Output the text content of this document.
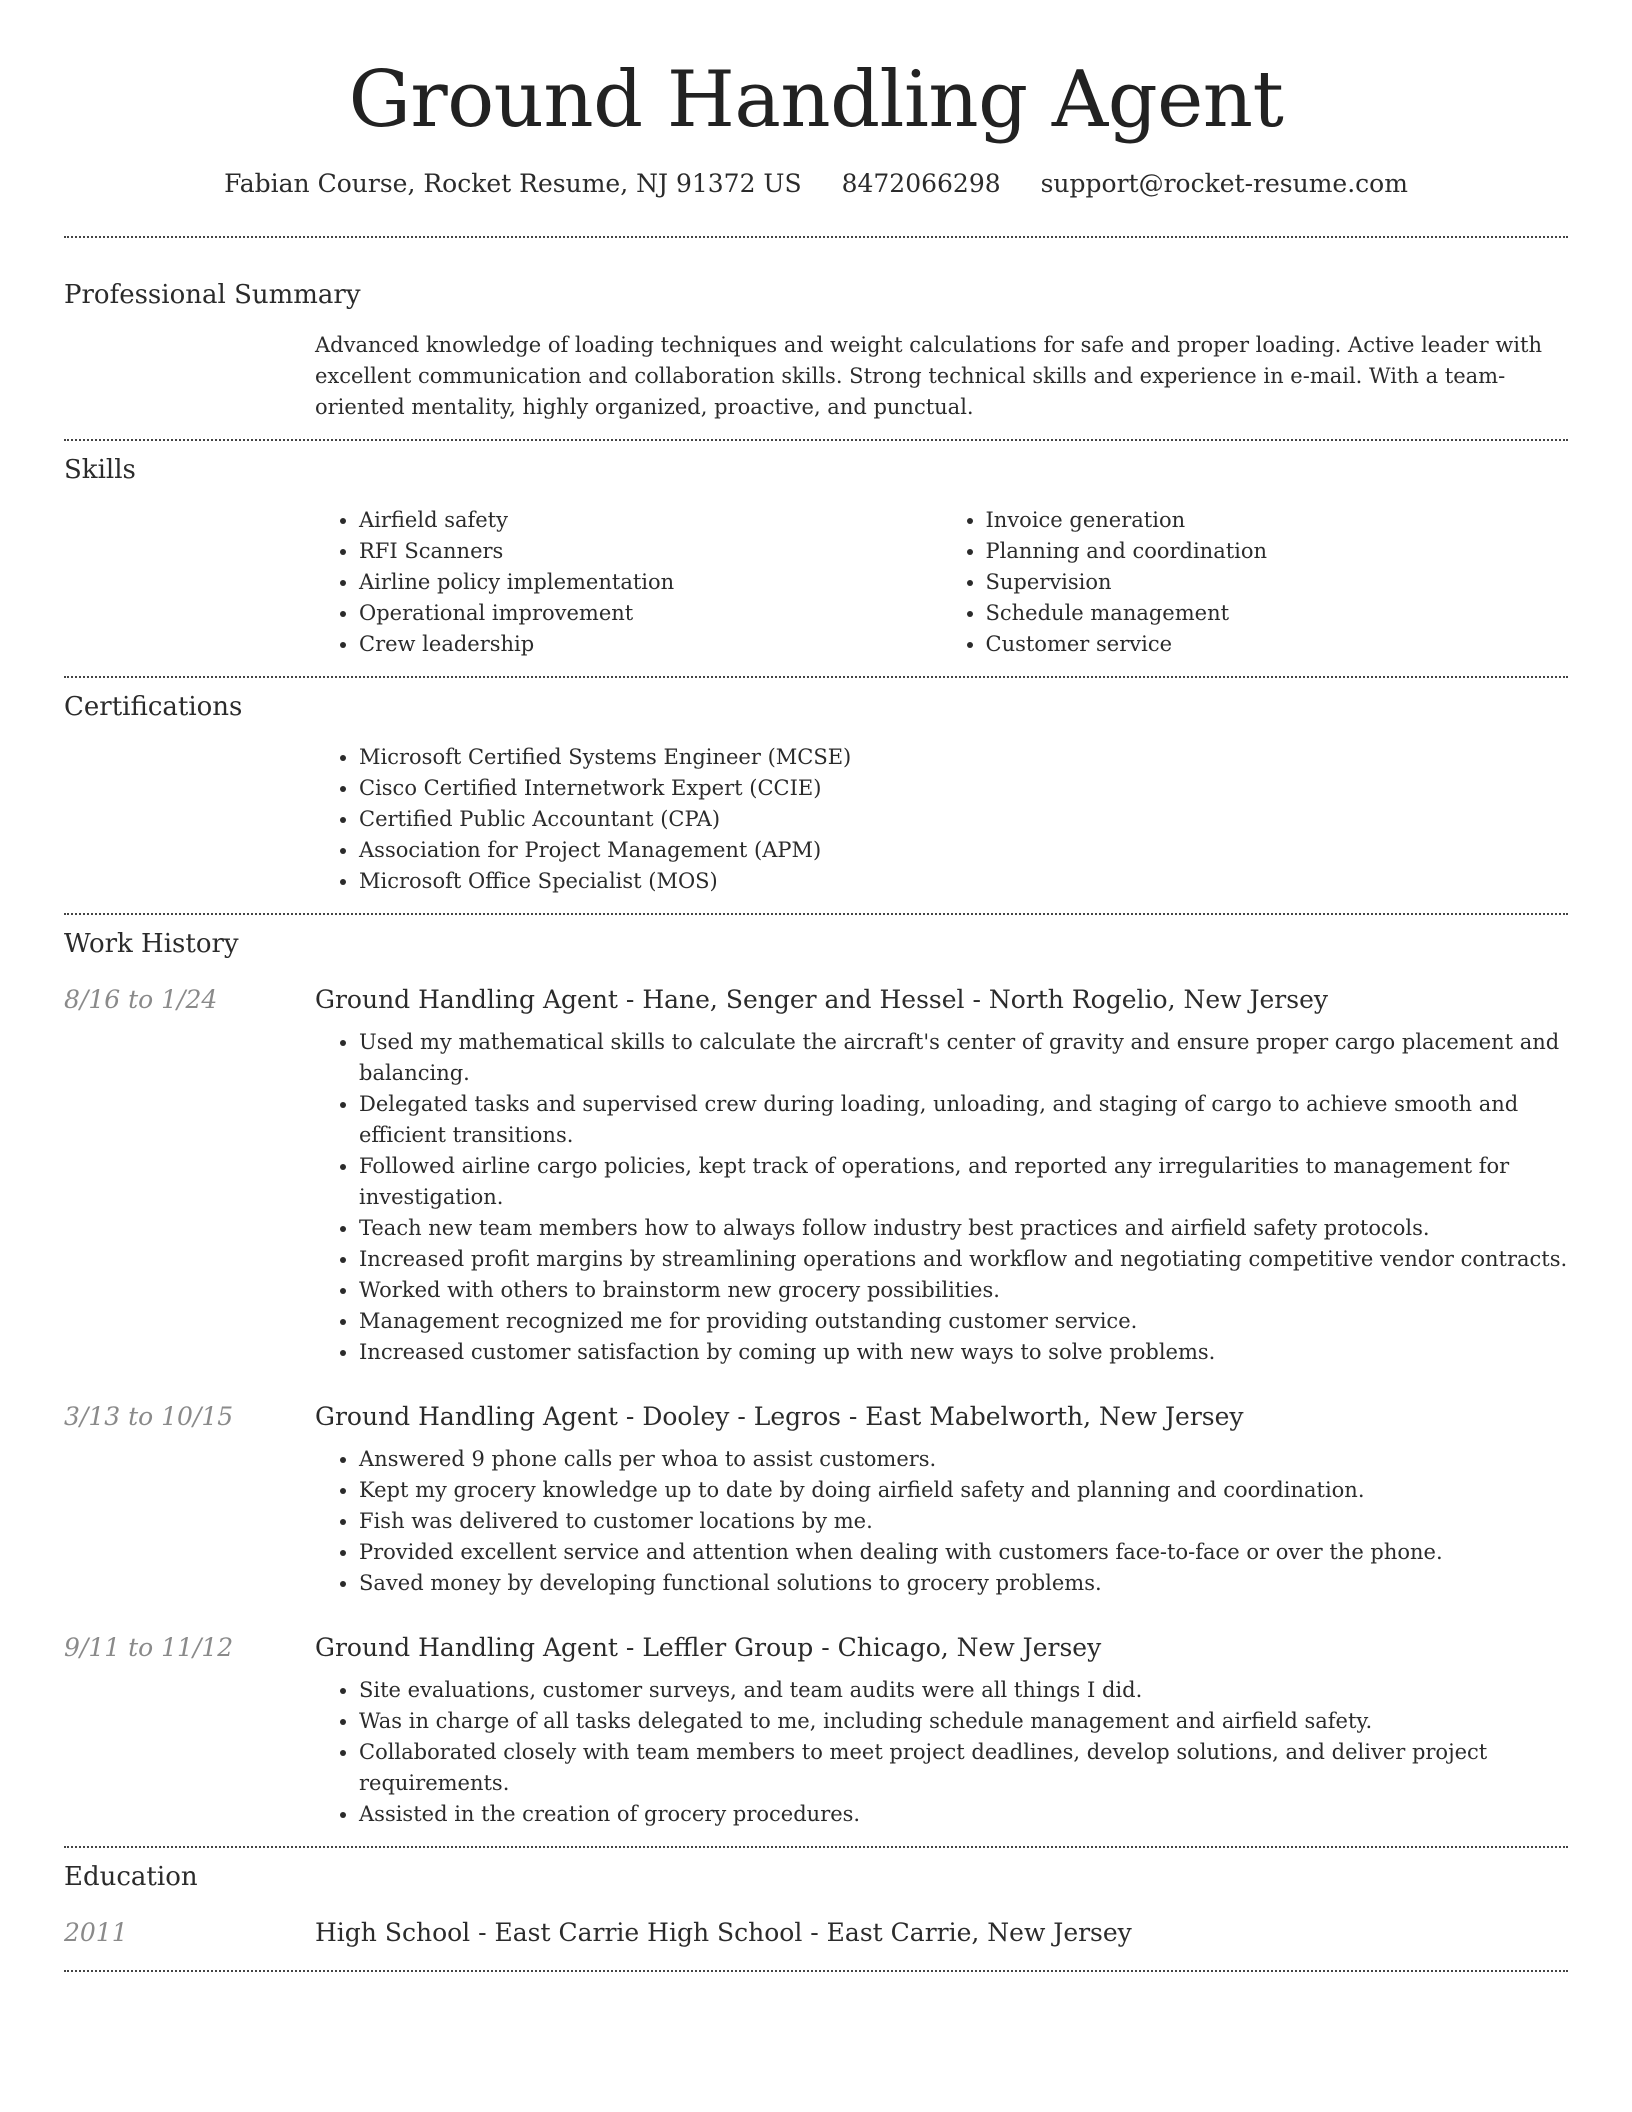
Ground Handling Agent
Fabian Course, Rocket Resume, NJ 91372 US 8472066298 support@rocket-resume.com
Professional Summary
Advanced knowledge of loading techniques and weight calculations for safe and proper loading. Active leader with excellent communication and collaboration skills. Strong technical skills and experience in e-mail. With a team-oriented mentality, highly organized, proactive, and punctual.
Skills
• Airfield safety
• RFI Scanners
• Airline policy implementation
• Operational improvement
• Crew leadership
• Invoice generation
• Planning and coordination
• Supervision
• Schedule management
• Customer service
Certifications
• Microsoft Certified Systems Engineer (MCSE)
• Cisco Certified Internetwork Expert (CCIE)
• Certified Public Accountant (CPA)
• Association for Project Management (APM)
• Microsoft Office Specialist (MOS)
Work History
8/16 to 1/24	Ground Handling Agent - Hane, Senger and Hessel - North Rogelio, New Jersey
• Used my mathematical skills to calculate the aircraft's center of gravity and ensure proper cargo placement and balancing.
• Delegated tasks and supervised crew during loading, unloading, and staging of cargo to achieve smooth and efficient transitions.
• Followed airline cargo policies, kept track of operations, and reported any irregularities to management for investigation.
• Teach new team members how to always follow industry best practices and airfield safety protocols.
• Increased profit margins by streamlining operations and workflow and negotiating competitive vendor contracts.
• Worked with others to brainstorm new grocery possibilities.
• Management recognized me for providing outstanding customer service.
• Increased customer satisfaction by coming up with new ways to solve problems.
3/13 to 10/15	Ground Handling Agent - Dooley - Legros - East Mabelworth, New Jersey
• Answered 9 phone calls per whoa to assist customers.
• Kept my grocery knowledge up to date by doing airfield safety and planning and coordination.
• Fish was delivered to customer locations by me.
• Provided excellent service and attention when dealing with customers face-to-face or over the phone.
• Saved money by developing functional solutions to grocery problems.
9/11 to 11/12	Ground Handling Agent - Leffler Group - Chicago, New Jersey
• Site evaluations, customer surveys, and team audits were all things I did.
• Was in charge of all tasks delegated to me, including schedule management and airfield safety.
• Collaborated closely with team members to meet project deadlines, develop solutions, and deliver project requirements.
• Assisted in the creation of grocery procedures.
Education
2011	High School - East Carrie High School - East Carrie, New Jersey
